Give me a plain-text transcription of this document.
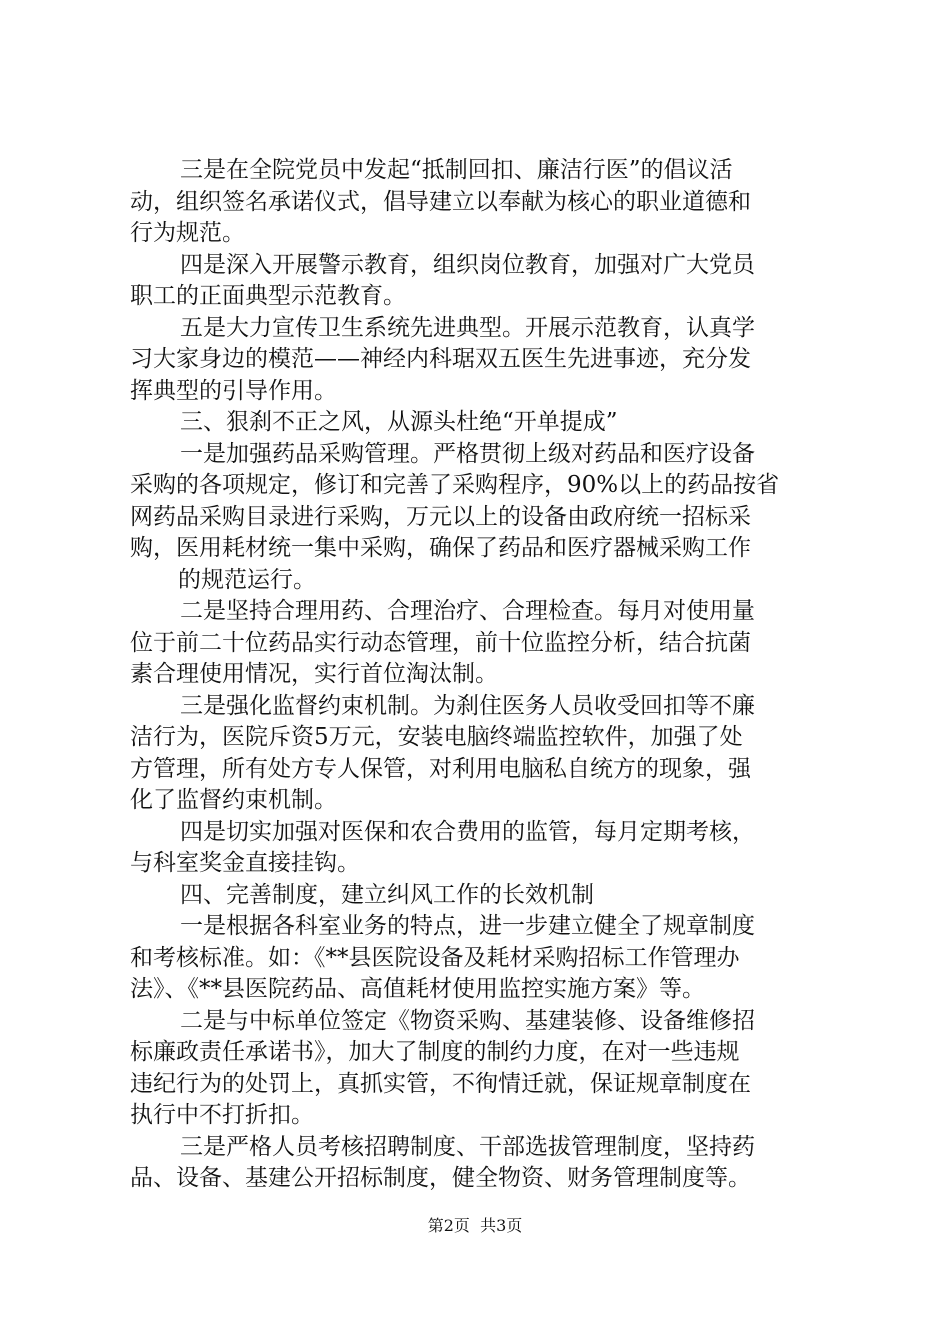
三是在全院党员中发起“抵制回扣、廉洁行医”的倡议活
动，组织签名承诺仪式，倡导建立以奉献为核心的职业道德和
行为规范。
四是深入开展警示教育，组织岗位教育，加强对广大党员
职工的正面典型示范教育。
五是大力宣传卫生系统先进典型。开展示范教育，认真学
习大家身边的模范——神经内科琚双五医生先进事迹，充分发
挥典型的引导作用。
三、狠刹不正之风，从源头杜绝“开单提成”
一是加强药品采购管理。严格贯彻上级对药品和医疗设备
采购的各项规定，修订和完善了采购程序，90%以上的药品按省
网药品采购目录进行采购，万元以上的设备由政府统一招标采
购，医用耗材统一集中采购，确保了药品和医疗器械采购工作
的规范运行。
二是坚持合理用药、合理治疗、合理检查。每月对使用量
位于前二十位药品实行动态管理，前十位监控分析，结合抗菌
素合理使用情况，实行首位淘汰制。
三是强化监督约束机制。为刹住医务人员收受回扣等不廉
洁行为，医院斥资5万元，安装电脑终端监控软件，加强了处
方管理，所有处方专人保管，对利用电脑私自统方的现象，强
化了监督约束机制。
四是切实加强对医保和农合费用的监管，每月定期考核，
与科室奖金直接挂钩。
四、完善制度，建立纠风工作的长效机制
一是根据各科室业务的特点，进一步建立健全了规章制度
和考核标准。如：《**县医院设备及耗材采购招标工作管理办
法》、《**县医院药品、高值耗材使用监控实施方案》等。
二是与中标单位签定《物资采购、基建装修、设备维修招
标廉政责任承诺书》，加大了制度的制约力度，在对一些违规
违纪行为的处罚上，真抓实管，不徇情迁就，保证规章制度在
执行中不打折扣。
三是严格人员考核招聘制度、干部选拔管理制度，坚持药
品、设备、基建公开招标制度，健全物资、财务管理制度等。
第2页  共3页
